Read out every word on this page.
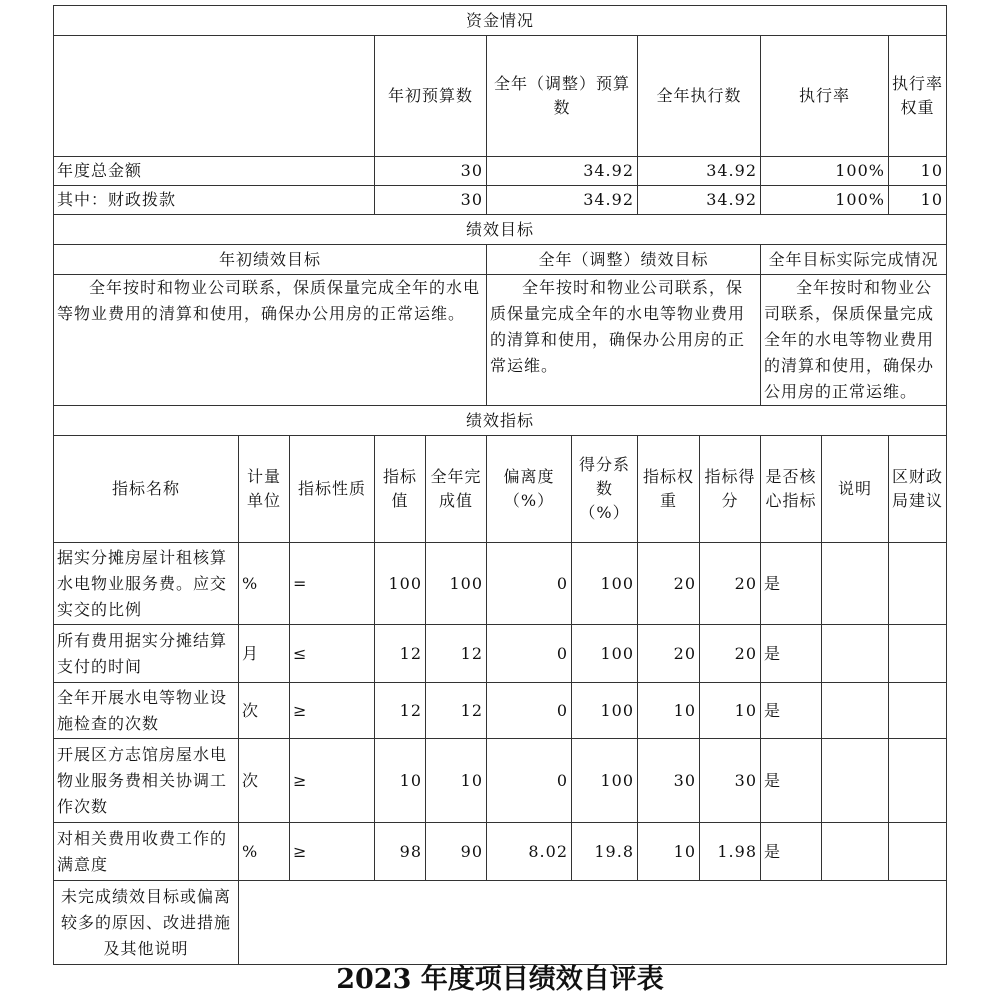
资金情况												
			年初预算数		全年（调整）预算数		全年执行数		执行率		执行率权重	
年度总金额			30		34.92		34.92		100%		10	
其中：财政拨款			30		34.92		34.92		100%		10	
绩效目标												
年初绩效目标					全年（调整）绩效目标				全年目标实际完成情况			
全年按时和物业公司联系，保质保量完成全年的水电等物业费用的清算和使用，确保办公用房的正常运维。					全年按时和物业公司联系，保质保量完成全年的水电等物业费用的清算和使用，确保办公用房的正常运维。				全年按时和物业公司联系，保质保量完成全年的水电等物业费用的清算和使用，确保办公用房的正常运维。			
绩效指标												
指标名称	计量单位	指标性质	指标值	全年完成值	偏离度（%）	得分系数（%）	指标权重	指标得分	是否核心指标	说明	区财政局建议	
据实分摊房屋计租核算水电物业服务费。应交实交的比例	%	=	100	100	0	100	20	20	是			
所有费用据实分摊结算支付的时间	月	≤	12	12	0	100	20	20	是			
全年开展水电等物业设施检查的次数	次	≥	12	12	0	100	10	10	是			
开展区方志馆房屋水电物业服务费相关协调工作次数	次	≥	10	10	0	100	30	30	是			
对相关费用收费工作的满意度	%	≥	98	90	8.02	19.8	10	1.98	是			
未完成绩效目标或偏离较多的原因、改进措施及其他说明												
2023 年度项目绩效自评表
